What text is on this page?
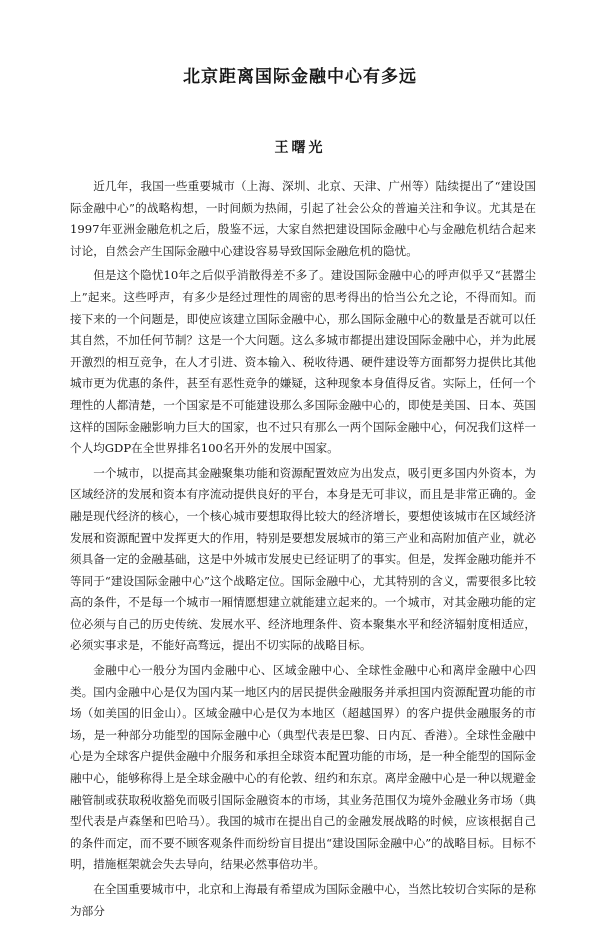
北京距离国际金融中心有多远
王曙光

近几年，我国一些重要城市（上海、深圳、北京、天津、广州等）陆续提出了“建设国际金融中心”的战略构想，一时间颇为热闹，引起了社会公众的普遍关注和争议。尤其是在1997年亚洲金融危机之后，殷鉴不远，大家自然把建设国际金融中心与金融危机结合起来讨论，自然会产生国际金融中心建设容易导致国际金融危机的隐忧。

但是这个隐忧10年之后似乎消散得差不多了。建设国际金融中心的呼声似乎又“甚嚣尘上”起来。这些呼声，有多少是经过理性的周密的思考得出的恰当公允之论，不得而知。而接下来的一个问题是，即使应该建立国际金融中心，那么国际金融中心的数量是否就可以任其自然，不加任何节制？这是一个大问题。这么多城市都提出建设国际金融中心，并为此展开激烈的相互竞争，在人才引进、资本输入、税收待遇、硬件建设等方面都努力提供比其他城市更为优惠的条件，甚至有恶性竞争的嫌疑，这种现象本身值得反省。实际上，任何一个理性的人都清楚，一个国家是不可能建设那么多国际金融中心的，即使是美国、日本、英国这样的国际金融影响力巨大的国家，也不过只有那么一两个国际金融中心，何况我们这样一个人均GDP在全世界排名100名开外的发展中国家。

一个城市，以提高其金融聚集功能和资源配置效应为出发点，吸引更多国内外资本，为区域经济的发展和资本有序流动提供良好的平台，本身是无可非议，而且是非常正确的。金融是现代经济的核心，一个核心城市要想取得比较大的经济增长，要想使该城市在区域经济发展和资源配置中发挥更大的作用，特别是要想发展城市的第三产业和高附加值产业，就必须具备一定的金融基础，这是中外城市发展史已经证明了的事实。但是，发挥金融功能并不等同于“建设国际金融中心”这个战略定位。国际金融中心，尤其特别的含义，需要很多比较高的条件，不是每一个城市一厢情愿想建立就能建立起来的。一个城市，对其金融功能的定位必须与自己的历史传统、发展水平、经济地理条件、资本聚集水平和经济辐射度相适应，必须实事求是，不能好高骛远，提出不切实际的战略目标。

金融中心一般分为国内金融中心、区域金融中心、全球性金融中心和离岸金融中心四类。国内金融中心是仅为国内某一地区内的居民提供金融服务并承担国内资源配置功能的市场（如美国的旧金山）。区域金融中心是仅为本地区（超越国界）的客户提供金融服务的市场，是一种部分功能型的国际金融中心（典型代表是巴黎、日内瓦、香港）。全球性金融中心是为全球客户提供金融中介服务和承担全球资本配置功能的市场，是一种全能型的国际金融中心，能够称得上是全球金融中心的有伦敦、纽约和东京。离岸金融中心是一种以规避金融管制或获取税收豁免而吸引国际金融资本的市场，其业务范围仅为境外金融业务市场（典型代表是卢森堡和巴哈马）。我国的城市在提出自己的金融发展战略的时候，应该根据自己的条件而定，而不要不顾客观条件而纷纷盲目提出“建设国际金融中心”的战略目标。目标不明，措施框架就会失去导向，结果必然事倍功半。

在全国重要城市中，北京和上海最有希望成为国际金融中心，当然比较切合实际的是称为部分
